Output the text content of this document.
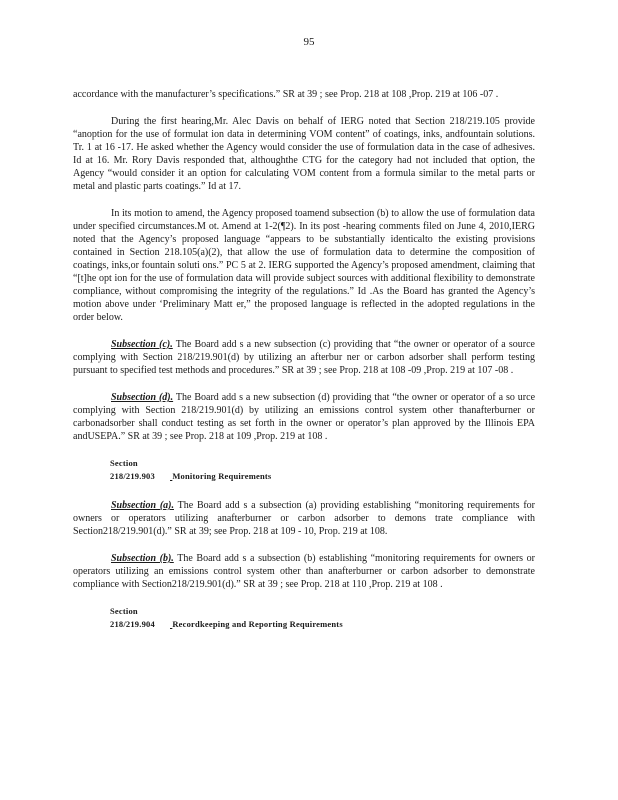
95

accordance with the manufacturer’s specifications.” SR at 39 ; see Prop. 218 at 108 ,Prop. 219 at 106 -07 .

During the first hearing,Mr. Alec Davis on behalf of IERG noted that Section 218/219.105 provide “anoption for the use of formulat ion data in determining VOM content” of coatings, inks, andfountain solutions. Tr. 1 at 16 -17. He asked whether the Agency would consider the use of formulation data in the case of adhesives. Id at 16. Mr. Rory Davis responded that, althoughthe CTG for the category had not included that option, the Agency “would consider it an option for calculating VOM content from a formula similar to the metal parts or metal and plastic parts coatings.” Id at 17.

In its motion to amend, the Agency proposed toamend subsection (b) to allow the use of formulation data under specified circumstances.M ot. Amend at 1-2(¶2). In its post -hearing comments filed on June 4, 2010,IERG noted that the Agency’s proposed language “appears to be substantially identicalto the existing provisions contained in Section 218.105(a)(2), that allow the use of formulation data to determine the composition of coatings, inks,or fountain soluti ons.” PC 5 at 2. IERG supported the Agency’s proposed amendment, claiming that “[t]he opt ion for the use of formulation data will provide subject sources with additional flexibility to demonstrate compliance, without compromising the integrity of the regulations.” Id .As the Board has granted the Agency’s motion above under ‘Preliminary Matt er,” the proposed language is reflected in the adopted regulations in the order below.

Subsection (c). The Board add s a new subsection (c) providing that “the owner or operator of a source complying with Section 218/219.901(d) by utilizing an afterbur ner or carbon adsorber shall perform testing pursuant to specified test methods and procedures.” SR at 39 ; see Prop. 218 at 108 -09 ,Prop. 219 at 107 -08 .

Subsection (d). The Board add s a new subsection (d) providing that “the owner or operator of a so urce complying with Section 218/219.901(d) by utilizing an emissions control system other thanafterburner or carbonadsorber shall conduct testing as set forth in the owner or operator’s plan approved by the Illinois EPA andUSEPA.” SR at 39 ; see Prop. 218 at 109 ,Prop. 219 at 108 .

Section 218/219.903 Monitoring Requirements

Subsection (a). The Board add s a subsection (a) providing establishing “monitoring requirements for owners or operators utilizing anafterburner or carbon adsorber to demons trate compliance with Section218/219.901(d).” SR at 39; see Prop. 218 at 109 - 10, Prop. 219 at 108.

Subsection (b). The Board add s a subsection (b) establishing “monitoring requirements for owners or operators utilizing an emissions control system other than anafterburner or carbon adsorber to demonstrate compliance with Section218/219.901(d).” SR at 39 ; see Prop. 218 at 110 ,Prop. 219 at 108 .

Section 218/219.904 Recordkeeping and Reporting Requirements
